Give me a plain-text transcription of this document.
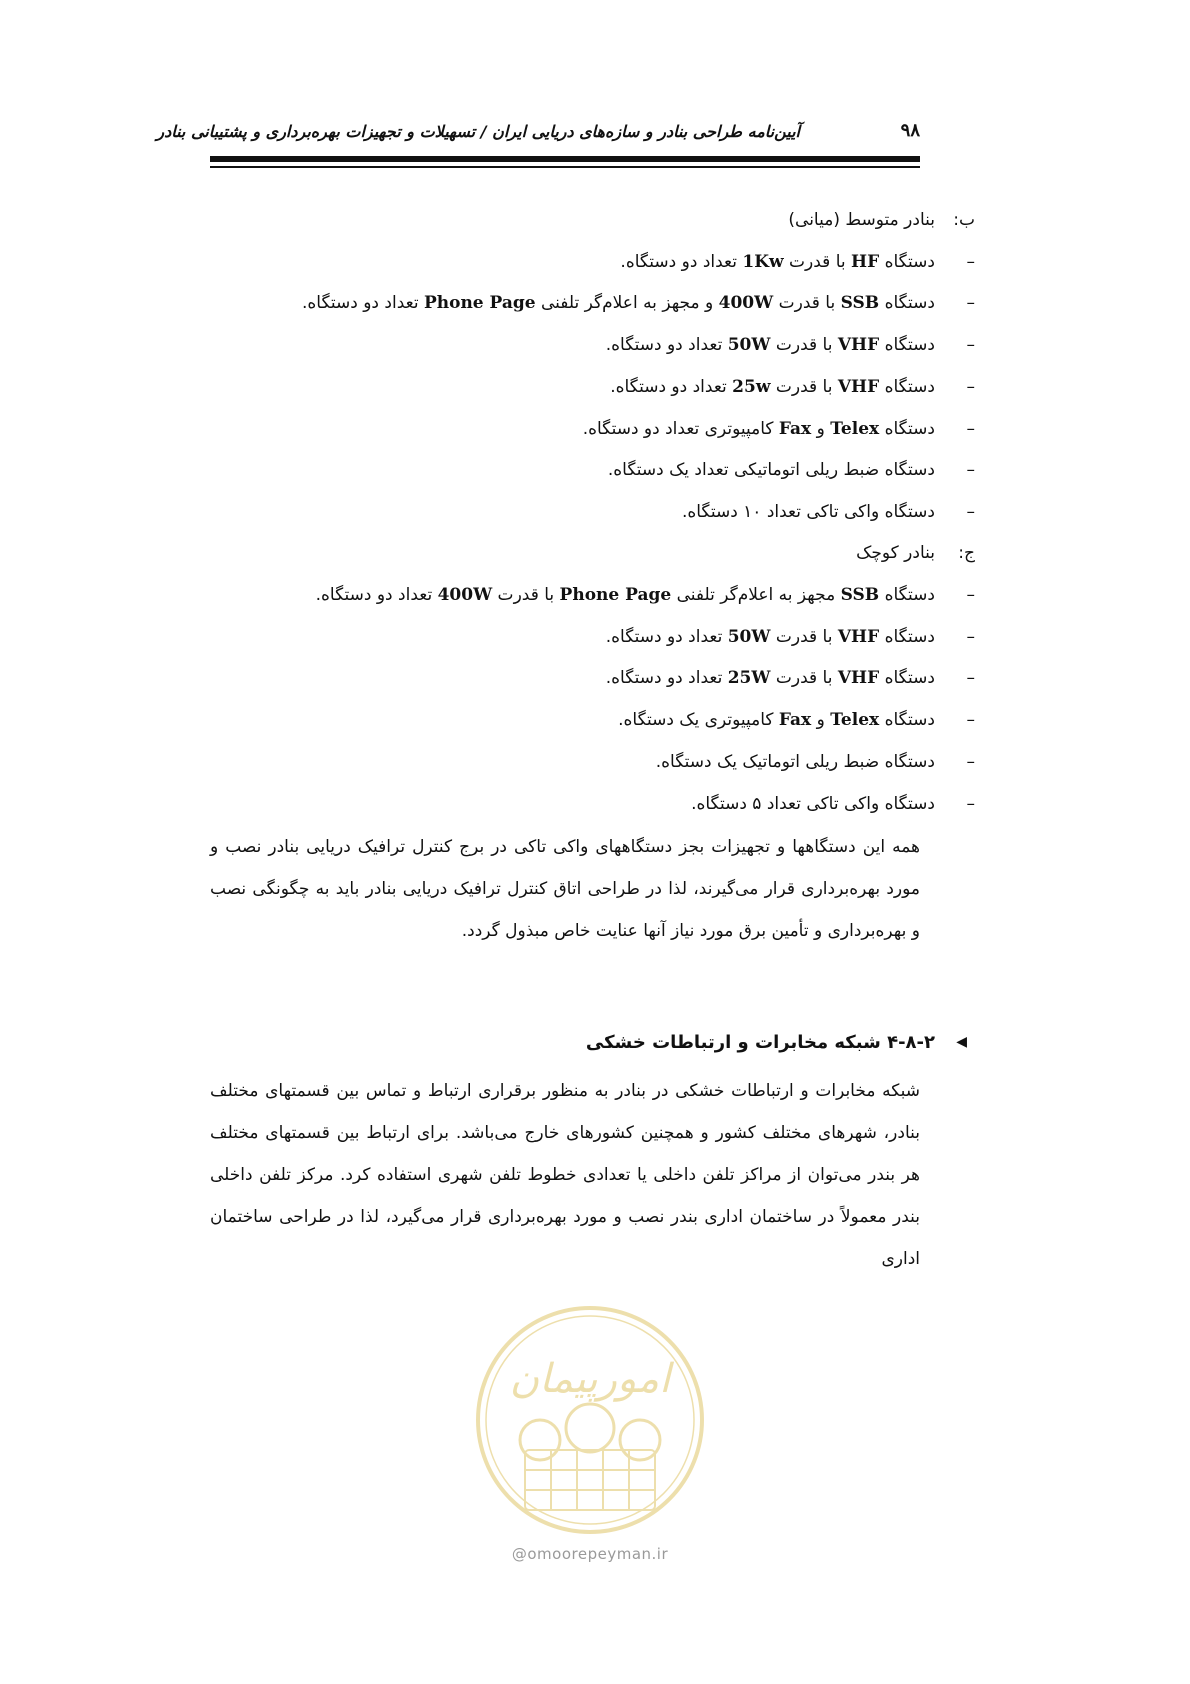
۹۸
آیین‌نامه طراحی بنادر و سازه‌های دریایی ایران / تسهیلات و تجهیزات بهره‌برداری و پشتیبانی بنادر
ب:
بنادر متوسط (میانی)
–
دستگاه HF با قدرت 1Kw تعداد دو دستگاه.
–
دستگاه SSB با قدرت 400W و مجهز به اعلام‌گر تلفنی Phone Page تعداد دو دستگاه.
–
دستگاه VHF با قدرت 50W تعداد دو دستگاه.
–
دستگاه VHF با قدرت 25w تعداد دو دستگاه.
–
دستگاه Telex و Fax کامپیوتری تعداد دو دستگاه.
–
دستگاه ضبط ریلی اتوماتیکی تعداد یک دستگاه.
–
دستگاه واکی تاکی تعداد ۱۰ دستگاه.
ج:
بنادر کوچک
–
دستگاه SSB مجهز به اعلام‌گر تلفنی Phone Page با قدرت 400W تعداد دو دستگاه.
–
دستگاه VHF با قدرت 50W تعداد دو دستگاه.
–
دستگاه VHF با قدرت 25W تعداد دو دستگاه.
–
دستگاه Telex و Fax کامپیوتری یک دستگاه.
–
دستگاه ضبط ریلی اتوماتیک یک دستگاه.
–
دستگاه واکی تاکی تعداد ۵ دستگاه.
همه این دستگاهها و تجهیزات بجز دستگاههای واکی تاکی در برج کنترل ترافیک دریایی بنادر نصب و مورد بهره‌برداری قرار می‌گیرند، لذا در طراحی اتاق کنترل ترافیک دریایی بنادر باید به چگونگی نصب و بهره‌برداری و تأمین برق مورد نیاز آنها عنایت خاص مبذول گردد.
◀
۴-۸-۲ شبکه مخابرات و ارتباطات خشکی
شبکه مخابرات و ارتباطات خشکی در بنادر به منظور برقراری ارتباط و تماس بین قسمتهای مختلف بنادر، شهرهای مختلف کشور و همچنین کشورهای خارج می‌باشد. برای ارتباط بین قسمتهای مختلف هر بندر می‌توان از مراکز تلفن داخلی یا تعدادی خطوط تلفن شهری استفاده کرد. مرکز تلفن داخلی بندر معمولاً در ساختمان اداری بندر نصب و مورد بهره‌برداری قرار می‌گیرد، لذا در طراحی ساختمان اداری
امورپیمان
@omoorepeyman.ir
